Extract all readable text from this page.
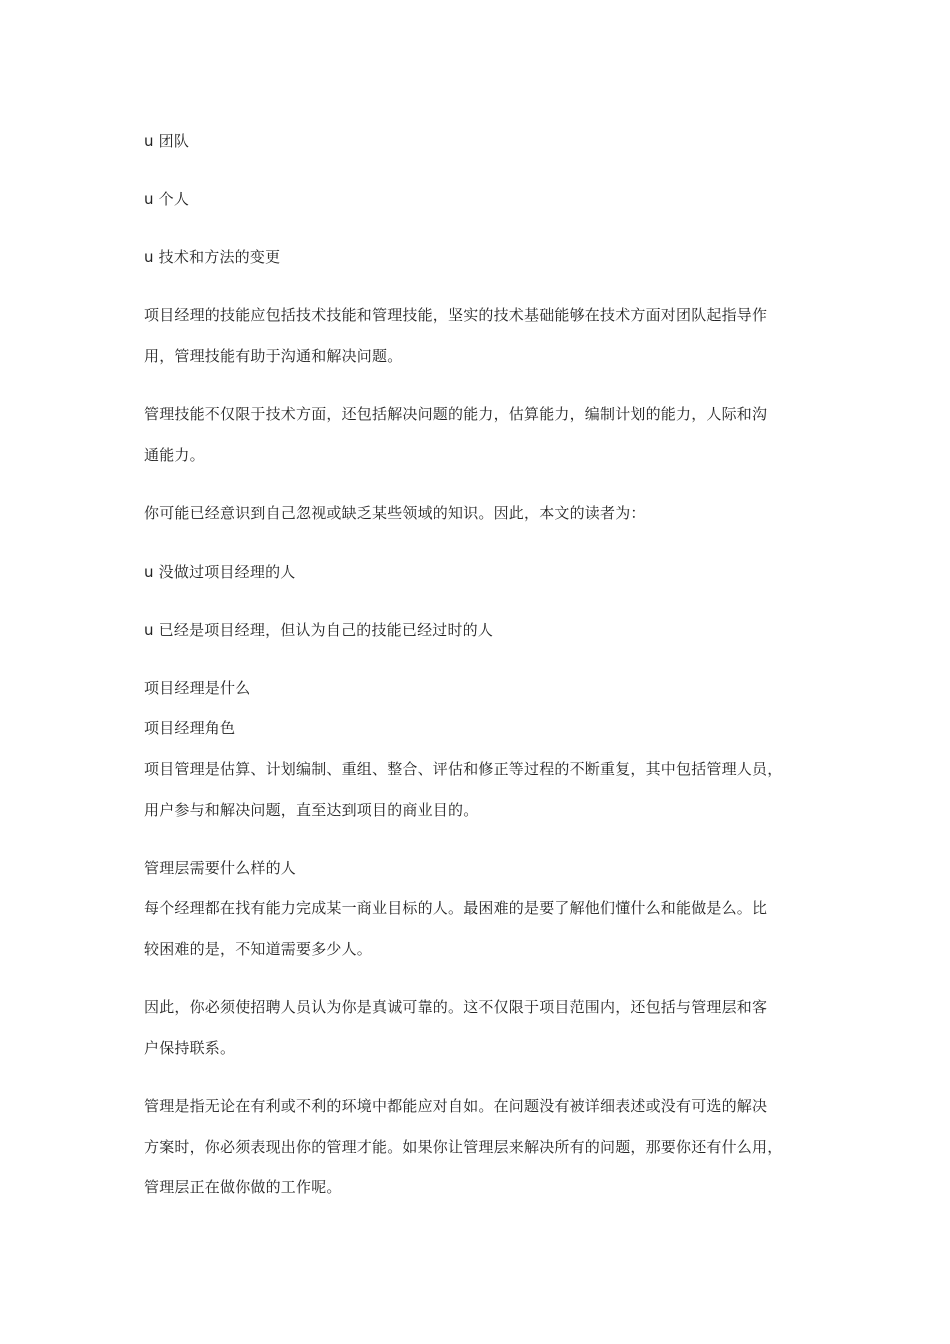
u 团队
u 个人
u 技术和方法的变更
项目经理的技能应包括技术技能和管理技能，坚实的技术基础能够在技术方面对团队起指导作
用，管理技能有助于沟通和解决问题。
管理技能不仅限于技术方面，还包括解决问题的能力，估算能力，编制计划的能力，人际和沟
通能力。
你可能已经意识到自己忽视或缺乏某些领域的知识。因此，本文的读者为：
u 没做过项目经理的人
u 已经是项目经理，但认为自己的技能已经过时的人
项目经理是什么
项目经理角色
项目管理是估算、计划编制、重组、整合、评估和修正等过程的不断重复，其中包括管理人员，
用户参与和解决问题，直至达到项目的商业目的。
管理层需要什么样的人
每个经理都在找有能力完成某一商业目标的人。最困难的是要了解他们懂什么和能做是么。比
较困难的是，不知道需要多少人。
因此，你必须使招聘人员认为你是真诚可靠的。这不仅限于项目范围内，还包括与管理层和客
户保持联系。
管理是指无论在有利或不利的环境中都能应对自如。在问题没有被详细表述或没有可选的解决
方案时，你必须表现出你的管理才能。如果你让管理层来解决所有的问题，那要你还有什么用，
管理层正在做你做的工作呢。
